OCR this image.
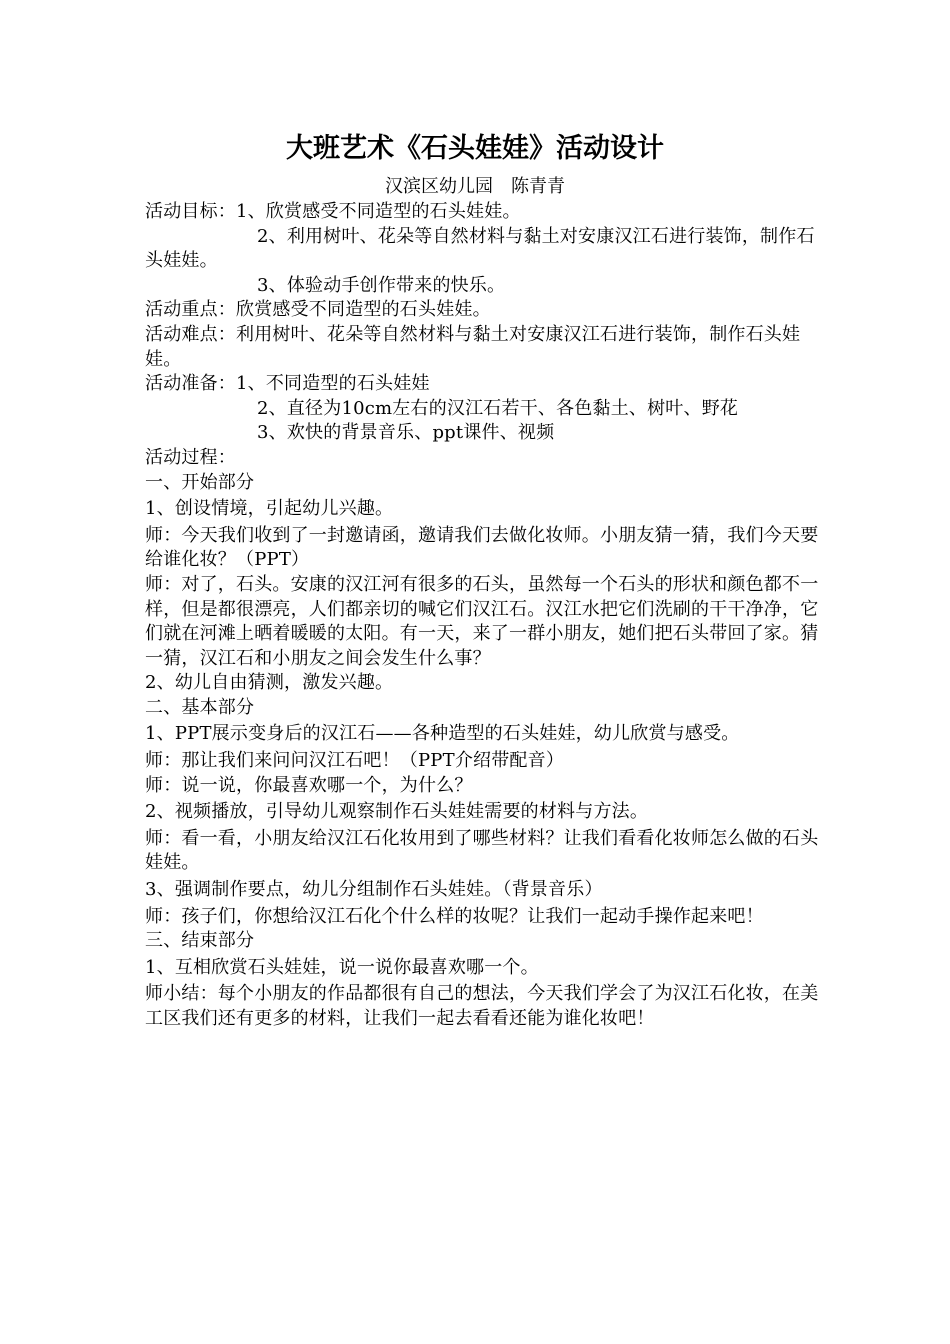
大班艺术《石头娃娃》活动设计
汉滨区幼儿园　陈青青

活动目标：1、欣赏感受不同造型的石头娃娃。

2、利用树叶、花朵等自然材料与黏土对安康汉江石进行装饰，制作石头娃娃。

3、体验动手创作带来的快乐。

活动重点：欣赏感受不同造型的石头娃娃。

活动难点：利用树叶、花朵等自然材料与黏土对安康汉江石进行装饰，制作石头娃娃。

活动准备：1、不同造型的石头娃娃

2、直径为10cm左右的汉江石若干、各色黏土、树叶、野花

3、欢快的背景音乐、ppt课件、视频

活动过程：

一、开始部分

1、创设情境，引起幼儿兴趣。

师：今天我们收到了一封邀请函，邀请我们去做化妆师。小朋友猜一猜，我们今天要给谁化妆？（PPT）

师：对了，石头。安康的汉江河有很多的石头，虽然每一个石头的形状和颜色都不一样，但是都很漂亮，人们都亲切的喊它们汉江石。汉江水把它们洗刷的干干净净，它们就在河滩上晒着暖暖的太阳。有一天，来了一群小朋友，她们把石头带回了家。猜一猜，汉江石和小朋友之间会发生什么事？

2、幼儿自由猜测，激发兴趣。

二、基本部分

1、PPT展示变身后的汉江石——各种造型的石头娃娃，幼儿欣赏与感受。

师：那让我们来问问汉江石吧！（PPT介绍带配音）

师：说一说，你最喜欢哪一个，为什么？

2、视频播放，引导幼儿观察制作石头娃娃需要的材料与方法。

师：看一看，小朋友给汉江石化妆用到了哪些材料？让我们看看化妆师怎么做的石头娃娃。

3、强调制作要点，幼儿分组制作石头娃娃。（背景音乐）

师：孩子们，你想给汉江石化个什么样的妆呢？让我们一起动手操作起来吧！

三、结束部分

1、互相欣赏石头娃娃，说一说你最喜欢哪一个。

师小结：每个小朋友的作品都很有自己的想法，今天我们学会了为汉江石化妆，在美工区我们还有更多的材料，让我们一起去看看还能为谁化妆吧！
